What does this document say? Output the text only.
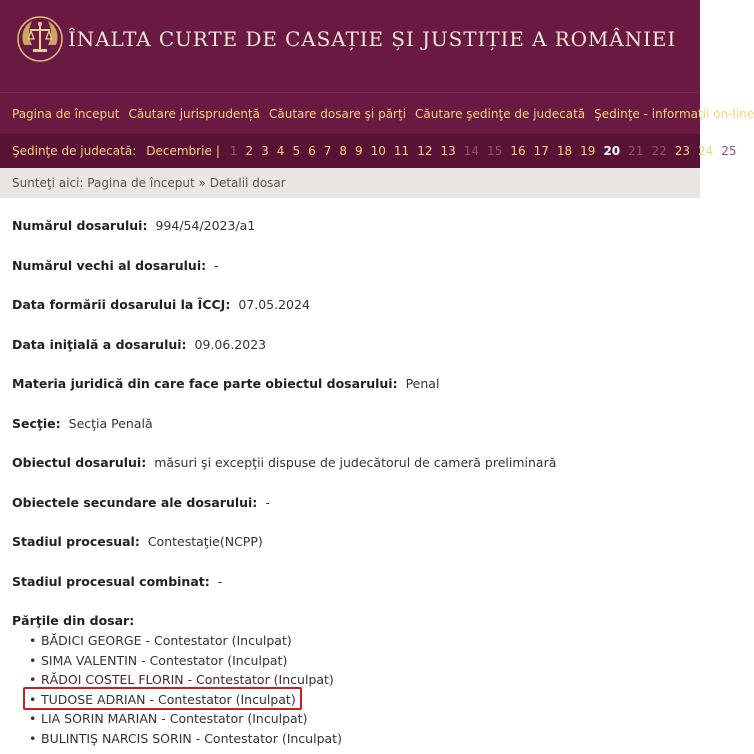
ÎNALTA CURTE DE CASAȚIE ȘI JUSTIȚIE A ROMÂNIEI
Pagina de început Căutare jurisprudență Căutare dosare şi părţi Căutare şedinţe de judecată Şedinţe - informaţii on-line
Şedinţe de judecată: Decembrie | 1 2 3 4 5 6 7 8 9 10 11 12 13 14 15 16 17 18 19 20 21 22 23 24 25
Sunteţi aici:
Pagina de început
»
Detalii dosar
Numărul dosarului: 994/54/2023/a1
Numărul vechi al dosarului: -
Data formării dosarului la ÎCCJ: 07.05.2024
Data iniţială a dosarului: 09.06.2023
Materia juridică din care face parte obiectul dosarului: Penal
Secţie: Secţia Penală
Obiectul dosarului: măsuri şi excepţii dispuse de judecătorul de cameră preliminară
Obiectele secundare ale dosarului: -
Stadiul procesual: Contestaţie(NCPP)
Stadiul procesual combinat: -
Părţile din dosar:
• BĂDICI GEORGE - Contestator (Inculpat)
• SIMA VALENTIN - Contestator (Inculpat)
• RĂDOI COSTEL FLORIN - Contestator (Inculpat)
• TUDOSE ADRIAN - Contestator (Inculpat)
• LIA SORIN MARIAN - Contestator (Inculpat)
• BULINTIŞ NARCIS SORIN - Contestator (Inculpat)
